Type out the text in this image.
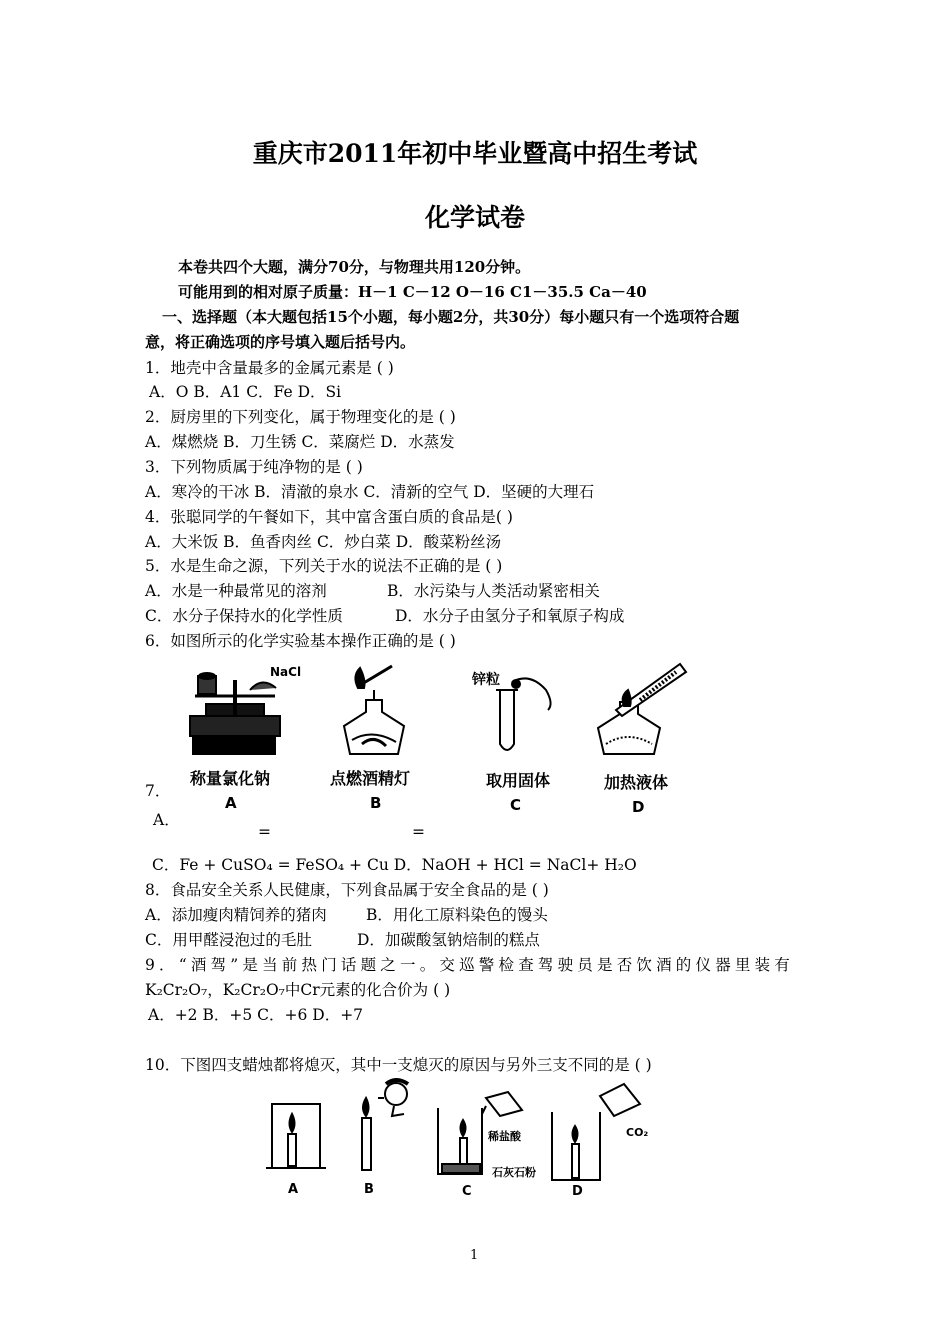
重庆市2011年初中毕业暨高中招生考试
化学试卷
本卷共四个大题，满分70分，与物理共用120分钟。
可能用到的相对原子质量：H－1 C－12 O－16 C1－35.5 Ca－40
一、选择题（本大题包括15个小题，每小题2分，共30分）每小题只有一个选项符合题
意，将正确选项的序号填入题后括号内。
1．地壳中含量最多的金属元素是 ( )
A．O B．A1 C．Fe D．Si
2．厨房里的下列变化，属于物理变化的是 ( )
A．煤燃烧 B．刀生锈 C．菜腐烂 D．水蒸发
3．下列物质属于纯净物的是 ( )
A．寒冷的干冰 B．清澈的泉水 C．清新的空气 D．坚硬的大理石
4．张聪同学的午餐如下，其中富含蛋白质的食品是( )
A．大米饭 B．鱼香肉丝 C．炒白菜 D．酸菜粉丝汤
5．水是生命之源，下列关于水的说法不正确的是 ( )
A．水是一种最常见的溶剂	B．水污染与人类活动紧密相关
C．水分子保持水的化学性质	D．水分子由氢分子和氧原子构成
6．如图所示的化学实验基本操作正确的是 ( )
NaCl	锌粒
称量氯化钠	点燃酒精灯	取用固体	加热液体
A	B	C	D
7．
A．
=	=
C．Fe + CuSO₄ = FeSO₄ + Cu D．NaOH + HCl = NaCl+ H₂O
8．食品安全关系人民健康，下列食品属于安全食品的是 ( )
A．添加瘦肉精饲养的猪肉	B．用化工原料染色的馒头
C．用甲醛浸泡过的毛肚	D．加碳酸氢钠焙制的糕点
9．“酒驾”是当前热门话题之一。交巡警检查驾驶员是否饮酒的仪器里装有
K₂Cr₂O₇，K₂Cr₂O₇中Cr元素的化合价为 ( )
A．+2 B．+5 C．+6 D．+7
10．下图四支蜡烛都将熄灭，其中一支熄灭的原因与另外三支不同的是 ( )
稀盐酸
石灰石粉
CO₂
A	B	C	D
1
